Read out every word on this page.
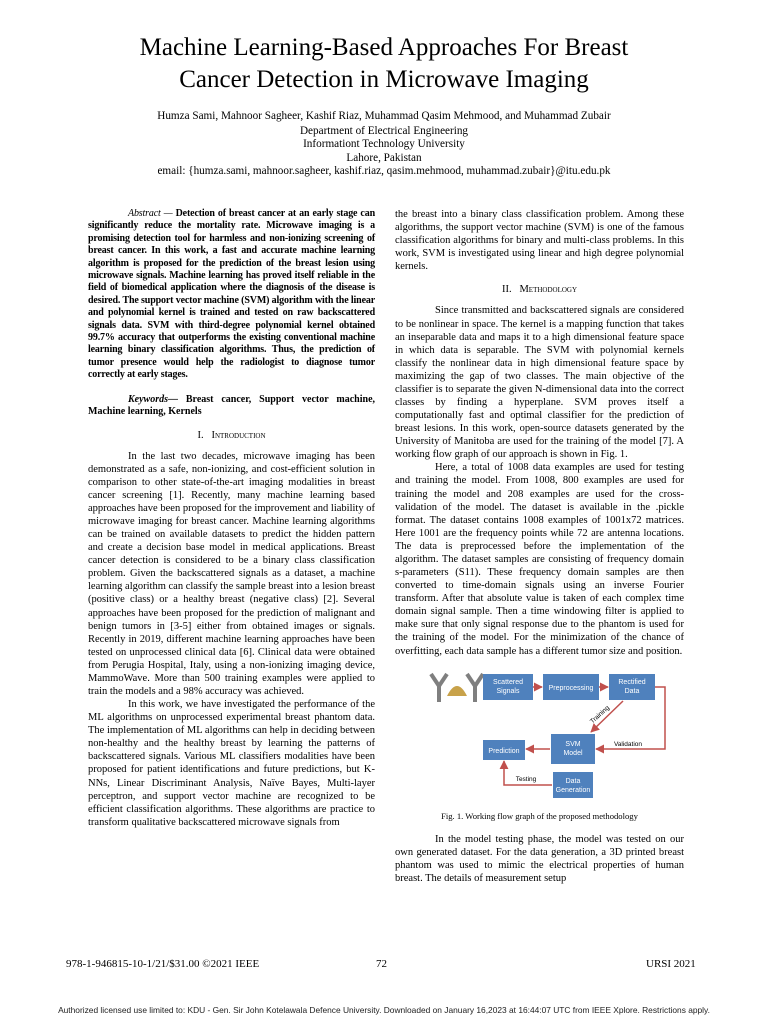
Machine Learning-Based Approaches For Breast
Cancer Detection in Microwave Imaging
Humza Sami, Mahnoor Sagheer, Kashif Riaz, Muhammad Qasim Mehmood, and Muhammad Zubair
Department of Electrical Engineering
Informationt Technology University
Lahore, Pakistan
email: {humza.sami, mahnoor.sagheer, kashif.riaz, qasim.mehmood, muhammad.zubair}@itu.edu.pk

Abstract — Detection of breast cancer at an early stage can significantly reduce the mortality rate. Microwave imaging is a promising detection tool for harmless and non-ionizing screening of breast cancer. In this work, a fast and accurate machine learning algorithm is proposed for the prediction of the breast lesion using microwave signals. Machine learning has proved itself reliable in the field of biomedical application where the diagnosis of the disease is desired. The support vector machine (SVM) algorithm with the linear and polynomial kernel is trained and tested on raw backscattered signals data. SVM with third-degree polynomial kernel obtained 99.7% accuracy that outperforms the existing conventional machine learning binary classification algorithms. Thus, the prediction of tumor presence would help the radiologist to diagnose tumor correctly at early stages.

Keywords— Breast cancer, Support vector machine, Machine learning, Kernels

I. Introduction

In the last two decades, microwave imaging has been demonstrated as a safe, non-ionizing, and cost-efficient solution in comparison to other state-of-the-art imaging modalities in breast cancer screening [1]. Recently, many machine learning based approaches have been proposed for the improvement and liability of microwave imaging for breast cancer. Machine learning algorithms can be trained on available datasets to predict the hidden pattern and create a decision base model in medical applications. Breast cancer detection is considered to be a binary class classification problem. Given the backscattered signals as a dataset, a machine learning algorithm can classify the sample breast into a lesion breast (positive class) or a healthy breast (negative class) [2]. Several approaches have been proposed for the prediction of malignant and benign tumors in [3-5] either from obtained images or signals. Recently in 2019, different machine learning approaches have been tested on unprocessed clinical data [6]. Clinical data were obtained from Perugia Hospital, Italy, using a non-ionizing imaging device, MammoWave. More than 500 training examples were applied to train the models and a 98% accuracy was achieved.

In this work, we have investigated the performance of the ML algorithms on unprocessed experimental breast phantom data. The implementation of ML algorithms can help in deciding between non-healthy and the healthy breast by learning the patterns of backscattered signals. Various ML classifiers modalities have been proposed for patient identifications and future predictions, but K-NNs, Linear Discriminant Analysis, Naïve Bayes, Multi-layer perceptron, and support vector machine are recognized to be efficient classification algorithms. These algorithms are practice to transform qualitative backscattered microwave signals from

the breast into a binary class classification problem. Among these algorithms, the support vector machine (SVM) is one of the famous classification algorithms for binary and multi-class problems. In this work, SVM is investigated using linear and high degree polynomial kernels.

II. Methodology

Since transmitted and backscattered signals are considered to be nonlinear in space. The kernel is a mapping function that takes an inseparable data and maps it to a high dimensional feature space in which data is separable. The SVM with polynomial kernels classify the nonlinear data in high dimensional feature space by maximizing the gap of two classes. The main objective of the classifier is to separate the given N-dimensional data into the correct classes by finding a hyperplane. SVM proves itself a computationally fast and optimal classifier for the prediction of breast lesions. In this work, open-source datasets generated by the University of Manitoba are used for the training of the model [7]. A working flow graph of our approach is shown in Fig. 1.

Here, a total of 1008 data examples are used for testing and training the model. From 1008, 800 examples are used for training the model and 208 examples are used for the cross-validation of the model. The dataset is available in the .pickle format. The dataset contains 1008 examples of 1001x72 matrices. Here 1001 are the frequency points while 72 are antenna locations. The data is preprocessed before the implementation of the algorithm. The dataset samples are consisting of frequency domain s-parameters (S11). These frequency domain samples are then converted to time-domain signals using an inverse Fourier transform. After that absolute value is taken of each complex time domain signal sample. Then a time windowing filter is applied to make sure that only signal response due to the phantom is used for the training of the model. For the minimization of the chance of overfitting, each data sample has a different tumor size and position.

Scattered Signals	Preprocessing
Rectified Data
SVM Model
Prediction
Data Generation
Training
Validation
Testing

Fig. 1. Working flow graph of the proposed methodology

In the model testing phase, the model was tested on our own generated dataset. For the data generation, a 3D printed breast phantom was used to mimic the electrical properties of human breast. The details of measurement setup

978-1-946815-10-1/21/$31.00 ©2021 IEEE	72	URSI 2021
Authorized licensed use limited to: KDU - Gen. Sir John Kotelawala Defence University. Downloaded on January 16,2023 at 16:44:07 UTC from IEEE Xplore. Restrictions apply.
